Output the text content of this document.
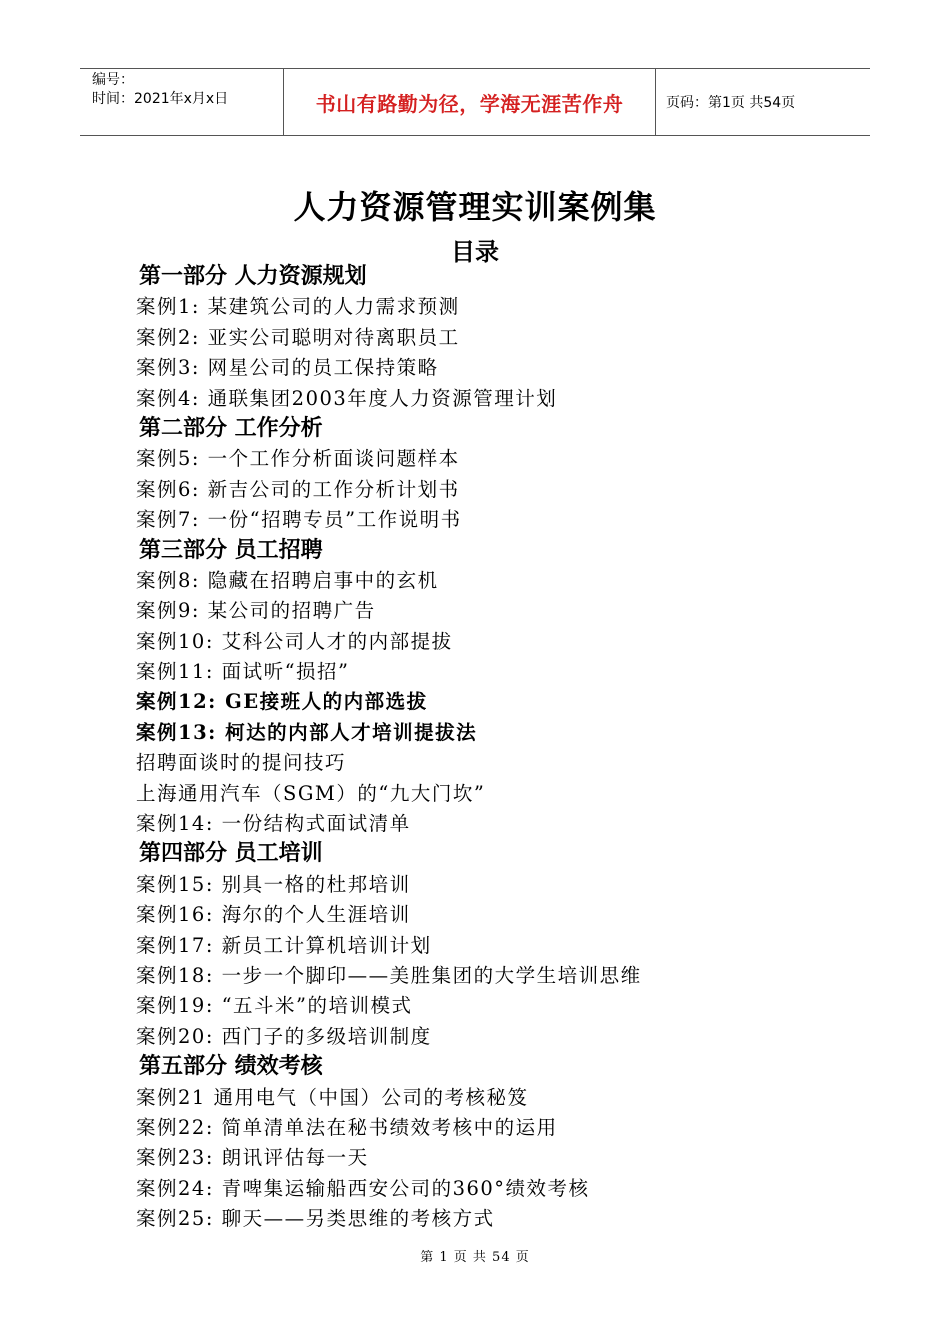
编号：
时间：2021年x月x日	书山有路勤为径，学海无涯苦作舟	页码：第1页 共54页
人力资源管理实训案例集
目录
第一部分 人力资源规划
案例1: 某建筑公司的人力需求预测
案例2: 亚实公司聪明对待离职员工
案例3: 网星公司的员工保持策略
案例4: 通联集团2003年度人力资源管理计划
第二部分 工作分析
案例5: 一个工作分析面谈问题样本
案例6: 新吉公司的工作分析计划书
案例7: 一份“招聘专员”工作说明书
第三部分 员工招聘
案例8: 隐藏在招聘启事中的玄机
案例9: 某公司的招聘广告
案例10: 艾科公司人才的内部提拔
案例11: 面试听“损招”
案例12: GE接班人的内部选拔
案例13: 柯达的内部人才培训提拔法
招聘面谈时的提问技巧
上海通用汽车（SGM）的“九大门坎”
案例14: 一份结构式面试清单
第四部分 员工培训
案例15: 别具一格的杜邦培训
案例16: 海尔的个人生涯培训
案例17: 新员工计算机培训计划
案例18: 一步一个脚印——美胜集团的大学生培训思维
案例19: “五斗米”的培训模式
案例20: 西门子的多级培训制度
第五部分 绩效考核
案例21 通用电气（中国）公司的考核秘笈
案例22: 简单清单法在秘书绩效考核中的运用
案例23: 朗讯评估每一天
案例24: 青啤集运输船西安公司的360°绩效考核
案例25: 聊天——另类思维的考核方式
第 1 页 共 54 页
